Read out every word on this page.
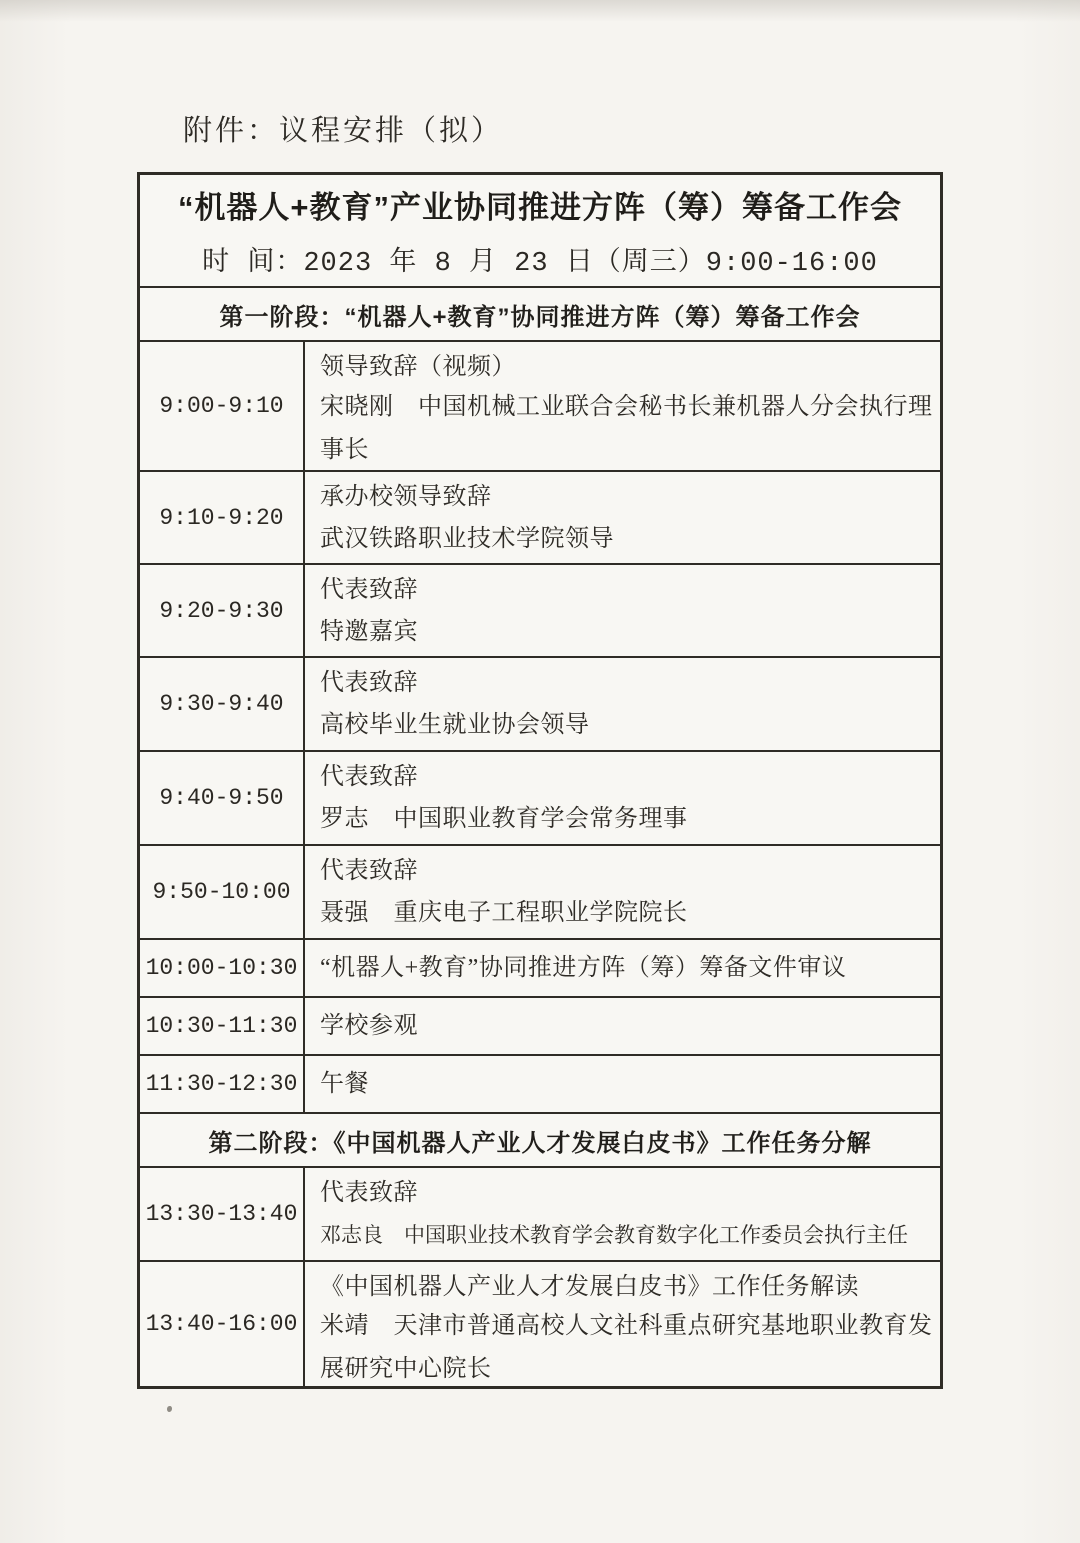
附件：议程安排（拟）
“机器人+教育”产业协同推进方阵（筹）筹备工作会
时 间：2023 年 8 月 23 日（周三）9:00-16:00
第一阶段：“机器人+教育”协同推进方阵（筹）筹备工作会
9:00-9:10
领导致辞（视频）
宋晓刚　中国机械工业联合会秘书长兼机器人分会执行理事长
9:10-9:20
承办校领导致辞
武汉铁路职业技术学院领导
9:20-9:30
代表致辞
特邀嘉宾
9:30-9:40
代表致辞
高校毕业生就业协会领导
9:40-9:50
代表致辞
罗志　中国职业教育学会常务理事
9:50-10:00
代表致辞
聂强　重庆电子工程职业学院院长
10:00-10:30 “机器人+教育”协同推进方阵（筹）筹备文件审议
10:30-11:30 学校参观
11:30-12:30 午餐
第二阶段：《中国机器人产业人才发展白皮书》工作任务分解
13:30-13:40
代表致辞
邓志良　中国职业技术教育学会教育数字化工作委员会执行主任
13:40-16:00
《中国机器人产业人才发展白皮书》工作任务解读
米靖　天津市普通高校人文社科重点研究基地职业教育发展研究中心院长
